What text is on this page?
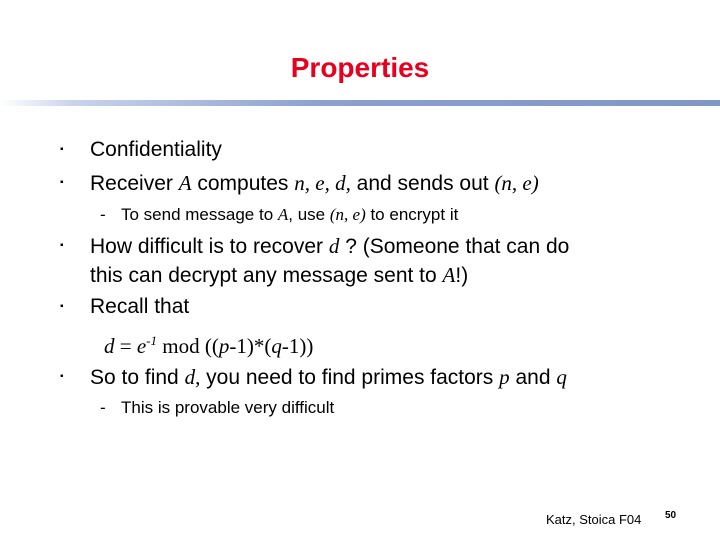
Properties
▪ Confidentiality
▪ Receiver A computes n, e, d, and sends out (n, e)
- To send message to A, use (n, e) to encrypt it
▪ How difficult is to recover d ? (Someone that can do
this can decrypt any message sent to A!)
▪ Recall that
$d = e^{-1}$ mod ((p-1)*(q-1))
▪ So to find d, you need to find primes factors p and q
- This is provable very difficult
Katz, Stoica F04 50
